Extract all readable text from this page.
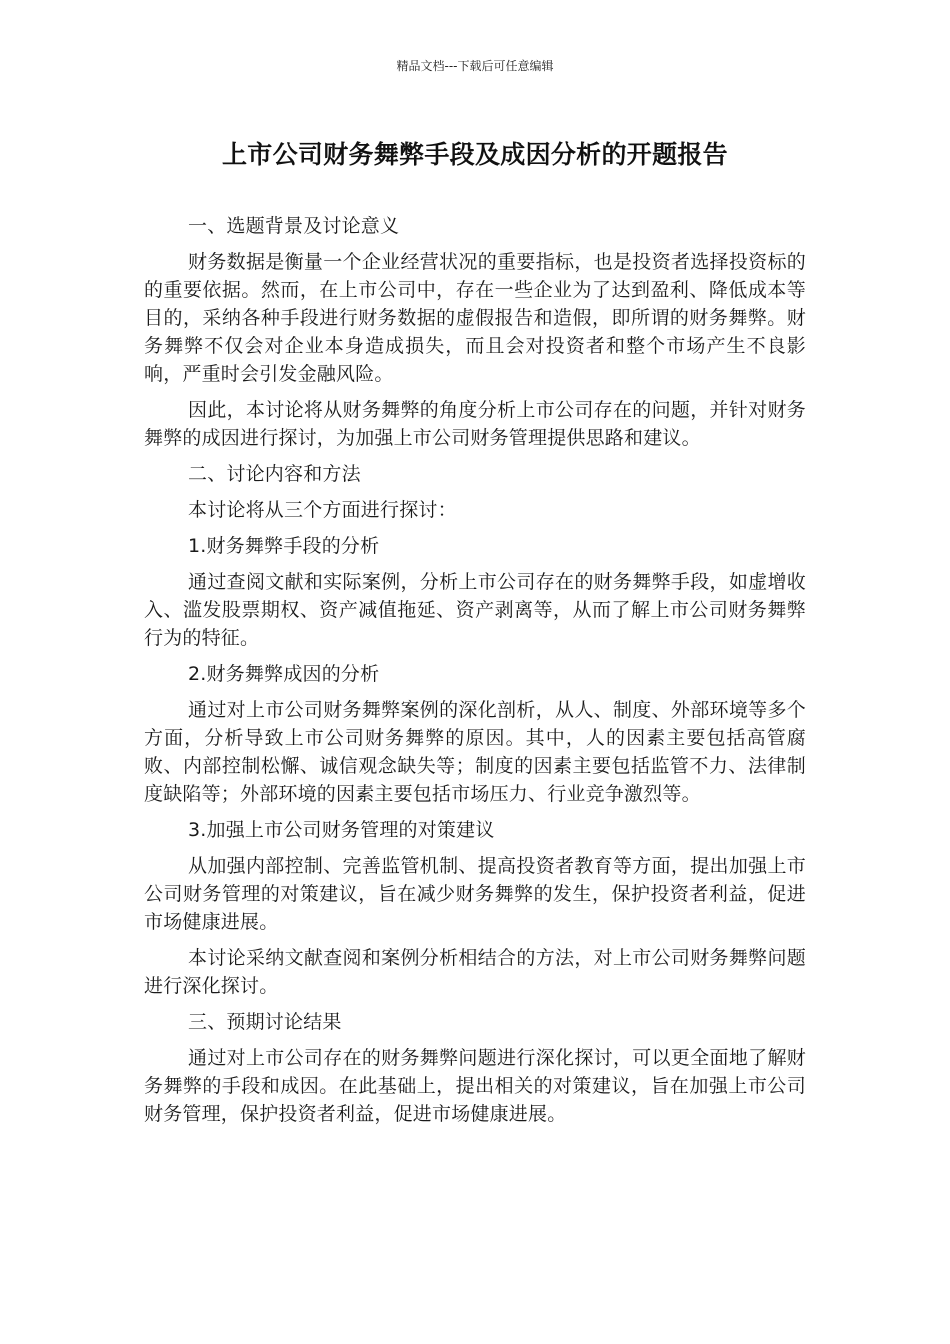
精品文档---下载后可任意编辑
上市公司财务舞弊手段及成因分析的开题报告

一、选题背景及讨论意义

财务数据是衡量一个企业经营状况的重要指标，也是投资者选择投资标的的重要依据。然而，在上市公司中，存在一些企业为了达到盈利、降低成本等目的，采纳各种手段进行财务数据的虚假报告和造假，即所谓的财务舞弊。财务舞弊不仅会对企业本身造成损失，而且会对投资者和整个市场产生不良影响，严重时会引发金融风险。

因此，本讨论将从财务舞弊的角度分析上市公司存在的问题，并针对财务舞弊的成因进行探讨，为加强上市公司财务管理提供思路和建议。

二、讨论内容和方法

本讨论将从三个方面进行探讨：

1.财务舞弊手段的分析

通过查阅文献和实际案例，分析上市公司存在的财务舞弊手段，如虚增收入、滥发股票期权、资产减值拖延、资产剥离等，从而了解上市公司财务舞弊行为的特征。

2.财务舞弊成因的分析

通过对上市公司财务舞弊案例的深化剖析，从人、制度、外部环境等多个方面，分析导致上市公司财务舞弊的原因。其中，人的因素主要包括高管腐败、内部控制松懈、诚信观念缺失等；制度的因素主要包括监管不力、法律制度缺陷等；外部环境的因素主要包括市场压力、行业竞争激烈等。

3.加强上市公司财务管理的对策建议

从加强内部控制、完善监管机制、提高投资者教育等方面，提出加强上市公司财务管理的对策建议，旨在减少财务舞弊的发生，保护投资者利益，促进市场健康进展。

本讨论采纳文献查阅和案例分析相结合的方法，对上市公司财务舞弊问题进行深化探讨。

三、预期讨论结果

通过对上市公司存在的财务舞弊问题进行深化探讨，可以更全面地了解财务舞弊的手段和成因。在此基础上，提出相关的对策建议，旨在加强上市公司财务管理，保护投资者利益，促进市场健康进展。
